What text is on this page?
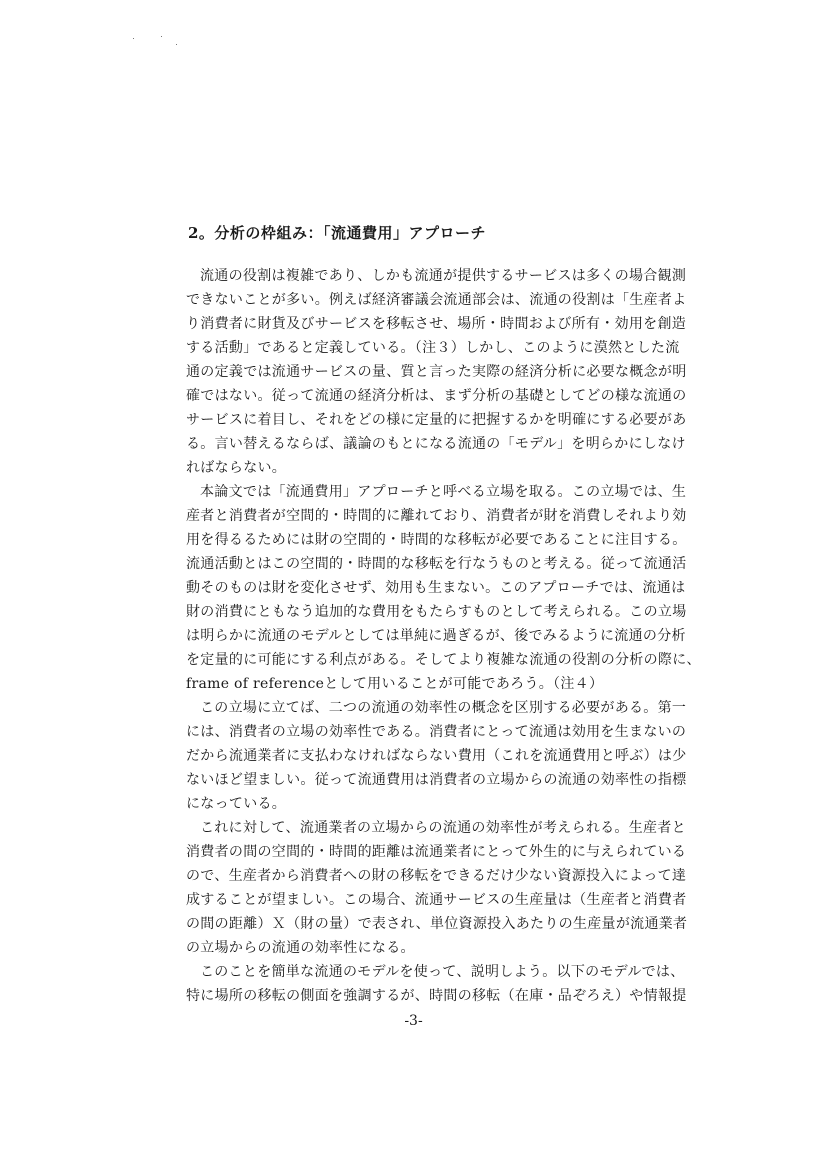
2。分析の枠組み：「流通費用」アプローチ
流通の役割は複雑であり、しかも流通が提供するサービスは多くの場合観測
できないことが多い。例えば経済審議会流通部会は、流通の役割は「生産者よ
り消費者に財貨及びサービスを移転させ、場所・時間および所有・効用を創造
する活動」であると定義している。（注３）しかし、このように漠然とした流
通の定義では流通サービスの量、質と言った実際の経済分析に必要な概念が明
確ではない。従って流通の経済分析は、まず分析の基礎としてどの様な流通の
サービスに着目し、それをどの様に定量的に把握するかを明確にする必要があ
る。言い替えるならば、議論のもとになる流通の「モデル」を明らかにしなけ
ればならない。
本論文では「流通費用」アプローチと呼べる立場を取る。この立場では、生
産者と消費者が空間的・時間的に離れており、消費者が財を消費しそれより効
用を得るるためには財の空間的・時間的な移転が必要であることに注目する。
流通活動とはこの空間的・時間的な移転を行なうものと考える。従って流通活
動そのものは財を変化させず、効用も生まない。このアプローチでは、流通は
財の消費にともなう追加的な費用をもたらすものとして考えられる。この立場
は明らかに流通のモデルとしては単純に過ぎるが、後でみるように流通の分析
を定量的に可能にする利点がある。そしてより複雑な流通の役割の分析の際に、
frame of referenceとして用いることが可能であろう。（注４）
この立場に立てば、二つの流通の効率性の概念を区別する必要がある。第一
には、消費者の立場の効率性である。消費者にとって流通は効用を生まないの
だから流通業者に支払わなければならない費用（これを流通費用と呼ぶ）は少
ないほど望ましい。従って流通費用は消費者の立場からの流通の効率性の指標
になっている。
これに対して、流通業者の立場からの流通の効率性が考えられる。生産者と
消費者の間の空間的・時間的距離は流通業者にとって外生的に与えられている
ので、生産者から消費者への財の移転をできるだけ少ない資源投入によって達
成することが望ましい。この場合、流通サービスの生産量は（生産者と消費者
の間の距離）Ｘ（財の量）で表され、単位資源投入あたりの生産量が流通業者
の立場からの流通の効率性になる。
このことを簡単な流通のモデルを使って、説明しよう。以下のモデルでは、
特に場所の移転の側面を強調するが、時間の移転（在庫・品ぞろえ）や情報提
-3-
